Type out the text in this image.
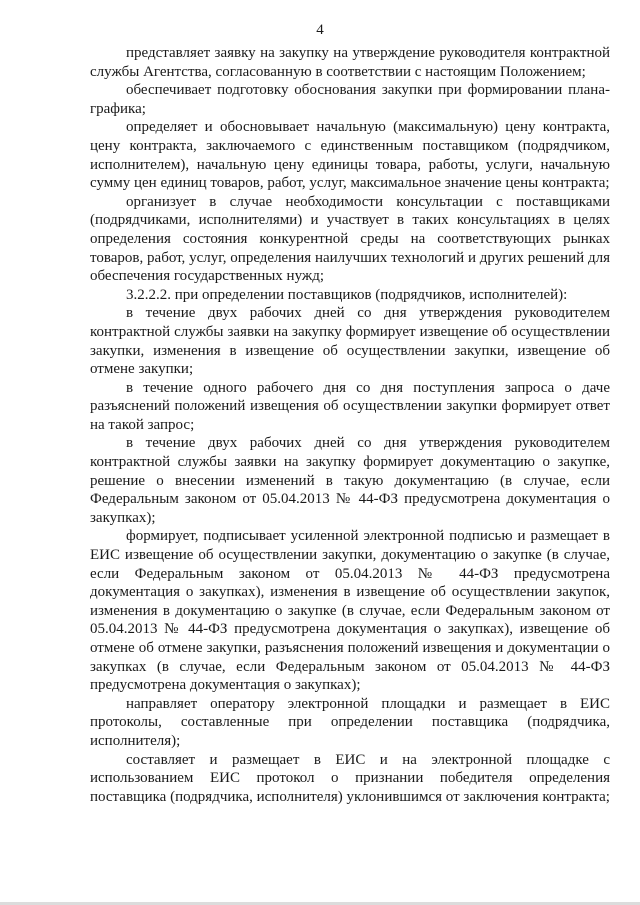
4

представляет заявку на закупку на утверждение руководителя контрактной службы Агентства, согласованную в соответствии с настоящим Положением;

обеспечивает подготовку обоснования закупки при формировании плана-графика;

определяет и обосновывает начальную (максимальную) цену контракта, цену контракта, заключаемого с единственным поставщиком (подрядчиком, исполнителем), начальную цену единицы товара, работы, услуги, начальную сумму цен единиц товаров, работ, услуг, максимальное значение цены контракта;

организует в случае необходимости консультации с поставщиками (подрядчиками, исполнителями) и участвует в таких консультациях в целях определения состояния конкурентной среды на соответствующих рынках товаров, работ, услуг, определения наилучших технологий и других решений для обеспечения государственных нужд;

3.2.2.2. при определении поставщиков (подрядчиков, исполнителей):

в течение двух рабочих дней со дня утверждения руководителем контрактной службы заявки на закупку формирует извещение об осуществлении закупки, изменения в извещение об осуществлении закупки, извещение об отмене закупки;

в течение одного рабочего дня со дня поступления запроса о даче разъяснений положений извещения об осуществлении закупки формирует ответ на такой запрос;

в течение двух рабочих дней со дня утверждения руководителем контрактной службы заявки на закупку формирует документацию о закупке, решение о внесении изменений в такую документацию (в случае, если Федеральным законом от 05.04.2013 № 44-ФЗ предусмотрена документация о закупках);

формирует, подписывает усиленной электронной подписью и размещает в ЕИС извещение об осуществлении закупки, документацию о закупке (в случае, если Федеральным законом от 05.04.2013 № 44-ФЗ предусмотрена документация о закупках), изменения в извещение об осуществлении закупок, изменения в документацию о закупке (в случае, если Федеральным законом от 05.04.2013 № 44-ФЗ предусмотрена документация о закупках), извещение об отмене об отмене закупки, разъяснения положений извещения и документации о закупках (в случае, если Федеральным законом от 05.04.2013 № 44-ФЗ предусмотрена документация о закупках);

направляет оператору электронной площадки и размещает в ЕИС протоколы, составленные при определении поставщика (подрядчика, исполнителя);

составляет и размещает в ЕИС и на электронной площадке с использованием ЕИС протокол о признании победителя определения поставщика (подрядчика, исполнителя) уклонившимся от заключения контракта;
